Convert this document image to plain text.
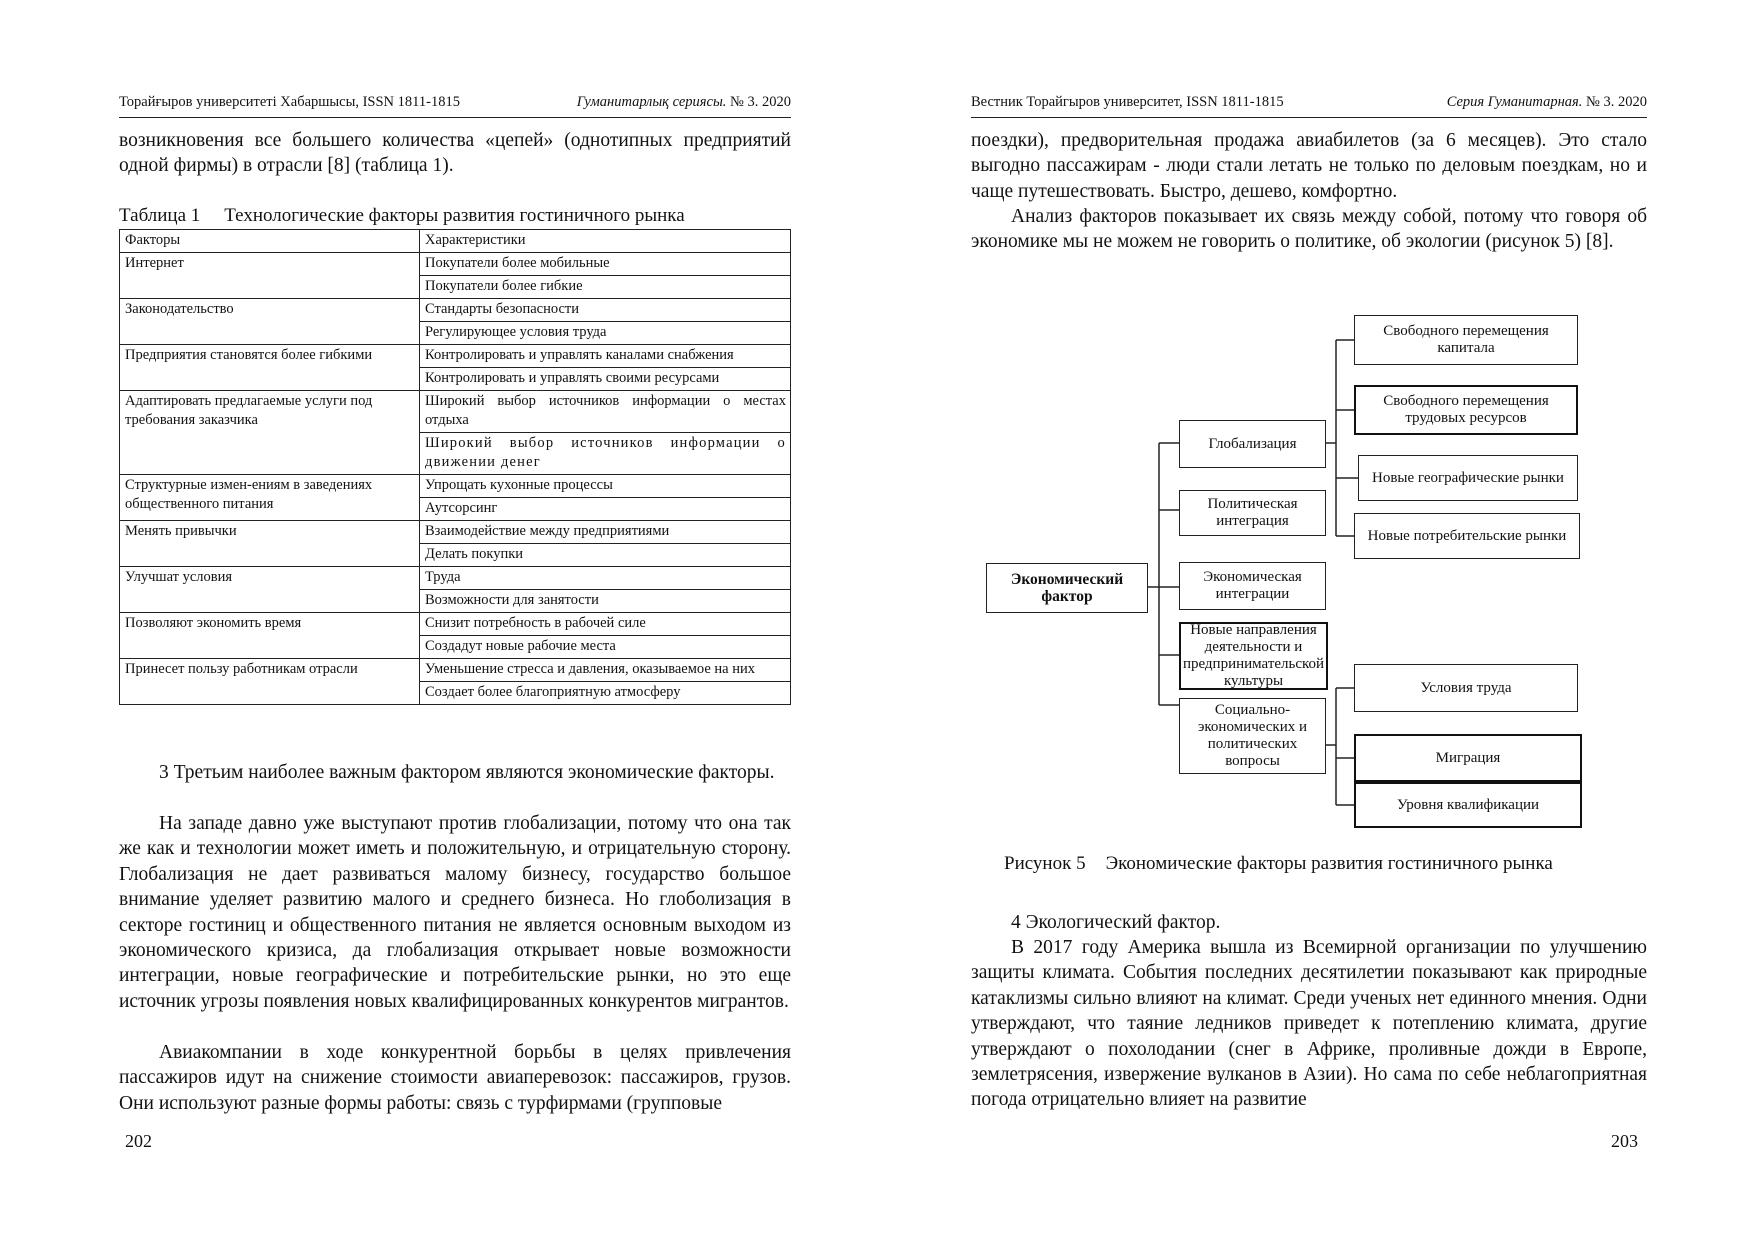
Торайғыров университеті Хабаршысы, ISSN 1811-1815	Гуманитарлық сериясы. № 3. 2020

возникновения все большего количества «цепей» (однотипных предприятий одной фирмы) в отрасли [8] (таблица 1).

Таблица 1 Технологические факторы развития гостиничного рынка
Факторы	Характеристики
Интернет	Покупатели более мобильные
	Покупатели более гибкие
Законодательство	Стандарты безопасности
	Регулирующее условия труда
Предприятия становятся более гибкими	Контролировать и управлять каналами снабжения
	Контролировать и управлять своими ресурсами
Адаптировать предлагаемые услуги под требования заказчика	Широкий выбор источников информации о местах отдыха
	Широкий выбор источников информации о движении денег
Структурные измен-ениям в заведениях общественного питания	Упрощать кухонные процессы
	Аутсорсинг
Менять привычки	Взаимодействие между предприятиями
	Делать покупки
Улучшат условия	Труда
	Возможности для занятости
Позволяют экономить время	Снизит потребность в рабочей силе
	Создадут новые рабочие места
Принесет пользу работникам отрасли	Уменьшение стресса и давления, оказываемое на них
	Создает более благоприятную атмосферу

3 Третьим наиболее важным фактором являются экономические факторы.

На западе давно уже выступают против глобализации, потому что она так же как и технологии может иметь и положительную, и отрицательную сторону. Глобализация не дает развиваться малому бизнесу, государство большое внимание уделяет развитию малого и среднего бизнеса. Но глоболизация в секторе гостиниц и общественного питания не является основным выходом из экономического кризиса, да глобализация открывает новые возможности интеграции, новые географические и потребительские рынки, но это еще источник угрозы появления новых квалифицированных конкурентов мигрантов.

Авиакомпании в ходе конкурентной борьбы в целях привлечения пассажиров идут на снижение стоимости авиаперевозок: пассажиров, грузов. Они используют разные формы работы: связь с турфирмами (групповые

202
Вестник Торайгыров университет, ISSN 1811-1815	Серия Гуманитарная. № 3. 2020

поездки), предворительная продажа авиабилетов (за 6 месяцев). Это стало выгодно пассажирам - люди стали летать не только по деловым поездкам, но и чаще путешествовать. Быстро, дешево, комфортно.

Анализ факторов показывает их связь между собой, потому что говоря об экономике мы не можем не говорить о политике, об экологии (рисунок 5) [8].

Экономический фактор
Глобализация
Политическая интеграция
Экономическая интеграции
Новые направления деятельности и предпринимательской культуры
Социально-экономических и политических вопросы
Свободного перемещения капитала
Свободного перемещения трудовых ресурсов
Новые географические рынки
Новые потребительские рынки
Условия труда
Миграция
Уровня квалификации
Рисунок 5 Экономические факторы развития гостиничного рынка

4 Экологический фактор.

В 2017 году Америка вышла из Всемирной организации по улучшению защиты климата. События последних десятилетии показывают как природные катаклизмы сильно влияют на климат. Среди ученых нет единного мнения. Одни утверждают, что таяние ледников приведет к потеплению климата, другие утверждают о похолодании (снег в Африке, проливные дожди в Европе, землетрясения, извержение вулканов в Азии). Но сама по себе неблагоприятная погода отрицательно влияет на развитие

203
